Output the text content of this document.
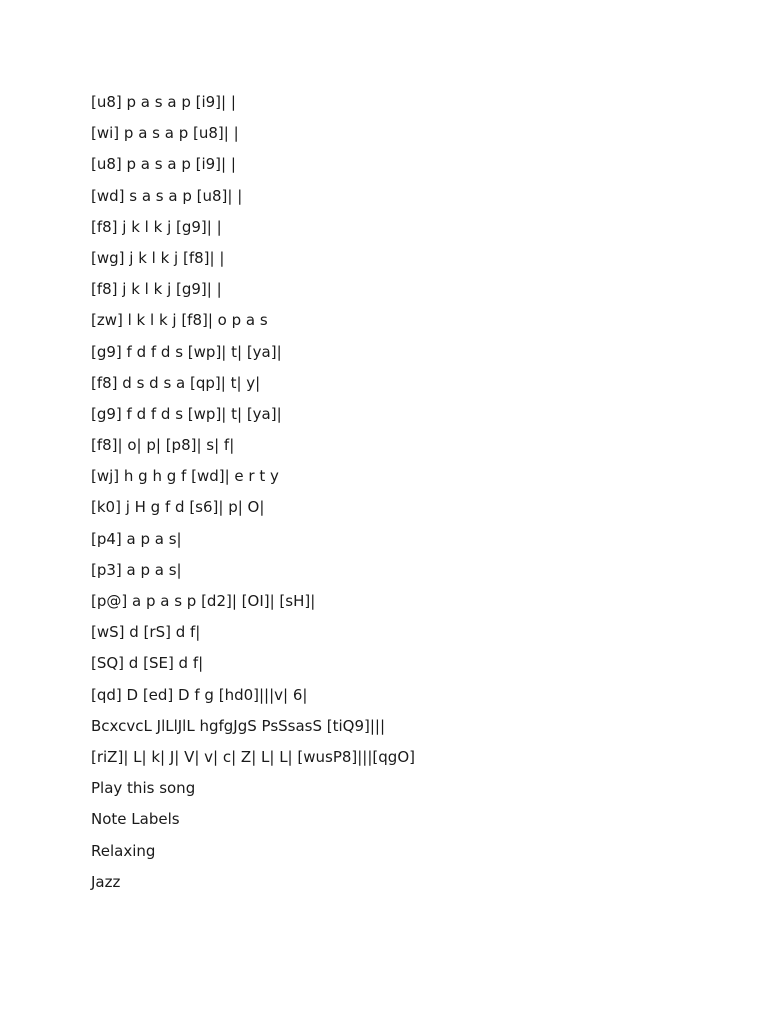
[u8] p a s a p [i9]| |
[wi] p a s a p [u8]| |
[u8] p a s a p [i9]| |
[wd] s a s a p [u8]| |
[f8] j k l k j [g9]| |
[wg] j k l k j [f8]| |
[f8] j k l k j [g9]| |
[zw] l k l k j [f8]| o p a s
[g9] f d f d s [wp]| t| [ya]|
[f8] d s d s a [qp]| t| y|
[g9] f d f d s [wp]| t| [ya]|
[f8]| o| p| [p8]| s| f|
[wj] h g h g f [wd]| e r t y
[k0] j H g f d [s6]| p| O|
[p4] a p a s|
[p3] a p a s|
[p@] a p a s p [d2]| [OI]| [sH]|
[wS] d [rS] d f|
[SQ] d [SE] d f|
[qd] D [ed] D f g [hd0]|||v| 6|
BcxcvcL JlLlJlL hgfgJgS PsSsasS [tiQ9]|||
[riZ]| L| k| J| V| v| c| Z| L| L| [wusP8]|||[qgO]
Play this song
Note Labels
Relaxing
Jazz
